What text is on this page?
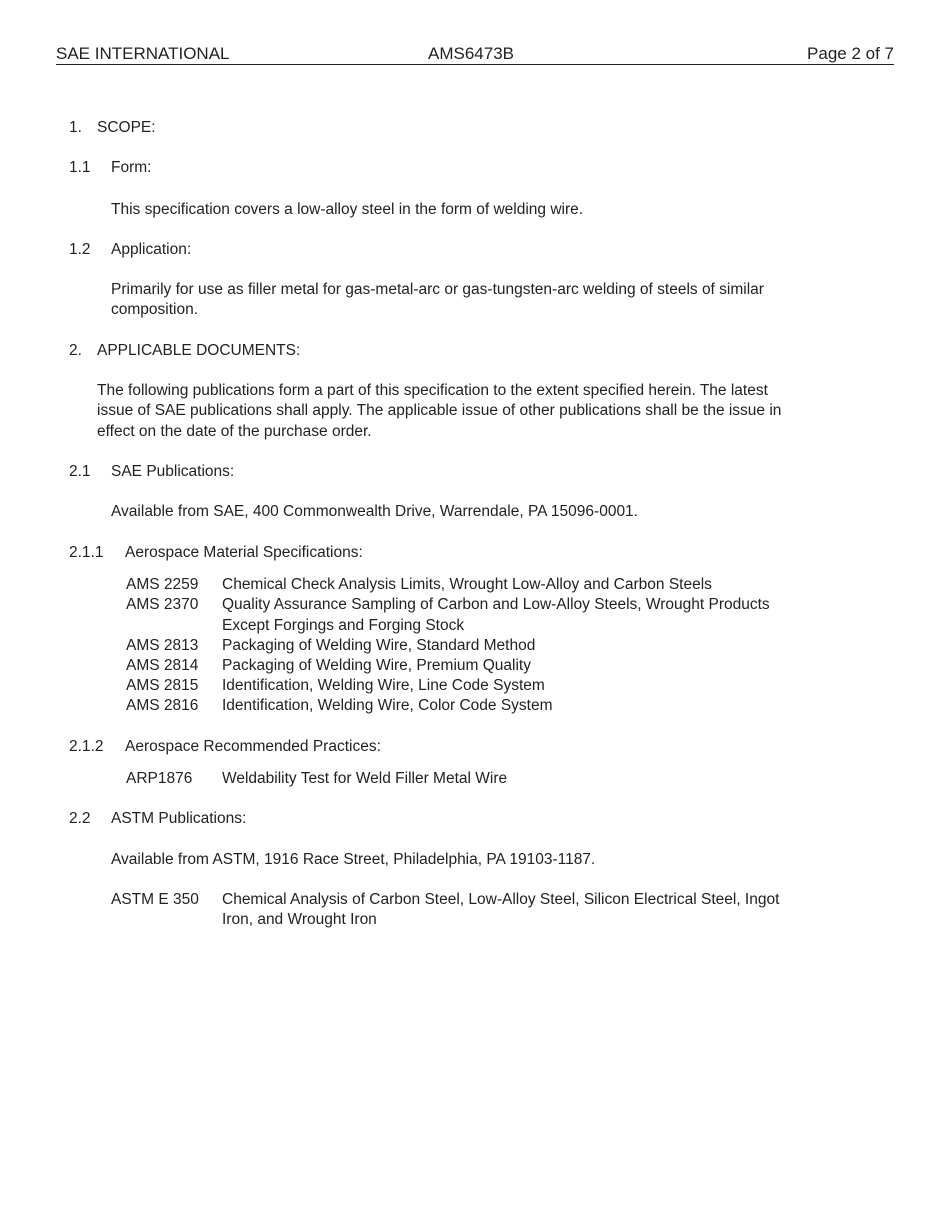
SAE INTERNATIONAL	AMS6473B	Page 2 of 7
1. SCOPE:
1.1 Form:
This specification covers a low-alloy steel in the form of welding wire.
1.2 Application:
Primarily for use as filler metal for gas-metal-arc or gas-tungsten-arc welding of steels of similar
composition.
2. APPLICABLE DOCUMENTS:
The following publications form a part of this specification to the extent specified herein. The latest
issue of SAE publications shall apply. The applicable issue of other publications shall be the issue in
effect on the date of the purchase order.
2.1 SAE Publications:
Available from SAE, 400 Commonwealth Drive, Warrendale, PA 15096-0001.
2.1.1 Aerospace Material Specifications:
AMS 2259 Chemical Check Analysis Limits, Wrought Low-Alloy and Carbon Steels
AMS 2370 Quality Assurance Sampling of Carbon and Low-Alloy Steels, Wrought Products
Except Forgings and Forging Stock
AMS 2813 Packaging of Welding Wire, Standard Method
AMS 2814 Packaging of Welding Wire, Premium Quality
AMS 2815 Identification, Welding Wire, Line Code System
AMS 2816 Identification, Welding Wire, Color Code System
2.1.2 Aerospace Recommended Practices:
ARP1876 Weldability Test for Weld Filler Metal Wire
2.2 ASTM Publications:
Available from ASTM, 1916 Race Street, Philadelphia, PA 19103-1187.
ASTM E 350 Chemical Analysis of Carbon Steel, Low-Alloy Steel, Silicon Electrical Steel, Ingot
Iron, and Wrought Iron
